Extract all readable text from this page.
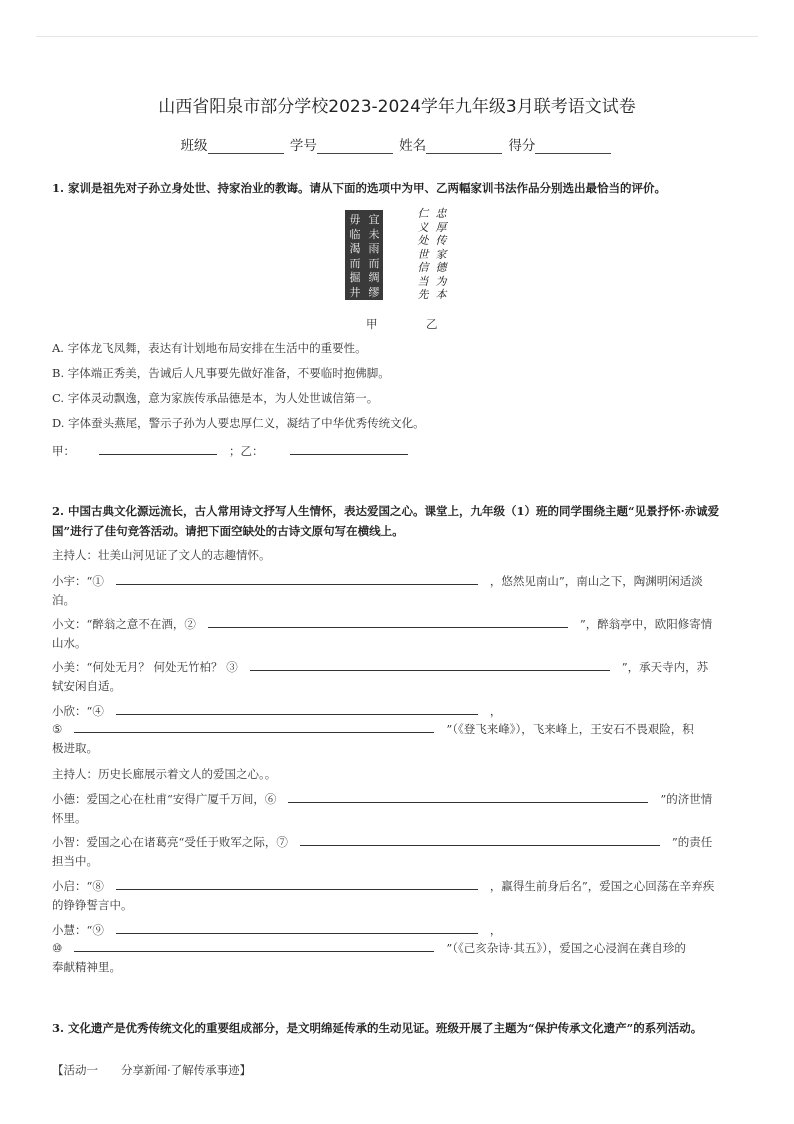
山西省阳泉市部分学校2023-2024学年九年级3月联考语文试卷
班级	学号	姓名	得分
1. 家训是祖先对子孙立身处世、持家治业的教诲。请从下面的选项中为甲、乙两幅家训书法作品分别选出最恰当的评价。
宜
未
雨
而
绸
缪
毋
临
渴
而
掘
井
忠
厚
传
家
德
为
本
仁
义
处
世
信
当
先
甲	乙
A. 字体龙飞凤舞，表达有计划地布局安排在生活中的重要性。
B. 字体端正秀美，告诫后人凡事要先做好准备，不要临时抱佛脚。
C. 字体灵动飘逸，意为家族传承品德是本，为人处世诚信第一。
D. 字体蚕头燕尾，警示子孙为人要忠厚仁义，凝结了中华优秀传统文化。
甲：	；乙：
2. 中国古典文化源远流长，古人常用诗文抒写人生情怀，表达爱国之心。课堂上，九年级（1）班的同学围绕主题“见景抒怀·赤诚爱国”进行了佳句竞答活动。请把下面空缺处的古诗文原句写在横线上。
主持人：壮美山河见证了文人的志趣情怀。
小宇：“①	，悠然见南山”，南山之下，陶渊明闲适淡
泊。
小文：“醉翁之意不在酒，②	”，醉翁亭中，欧阳修寄情
山水。
小美：“何处无月？ 何处无竹柏？ ③	”，承天寺内，苏
轼安闲自适。
小欣：“④	，
⑤	”（《登飞来峰》），飞来峰上，王安石不畏艰险，积
极进取。
主持人：历史长廊展示着文人的爱国之心。。
小德：爱国之心在杜甫“安得广厦千万间，⑥	”的济世情
怀里。
小智：爱国之心在诸葛亮“受任于败军之际，⑦	”的责任
担当中。
小启：“⑧	，赢得生前身后名”，爱国之心回荡在辛弃疾
的铮铮誓言中。
小慧：“⑨	，
⑩	”（《己亥杂诗·其五》），爱国之心浸润在龚自珍的
奉献精神里。
3. 文化遗产是优秀传统文化的重要组成部分，是文明绵延传承的生动见证。班级开展了主题为“保护传承文化遗产”的系列活动。
【活动一　　分享新闻·了解传承事迹】
